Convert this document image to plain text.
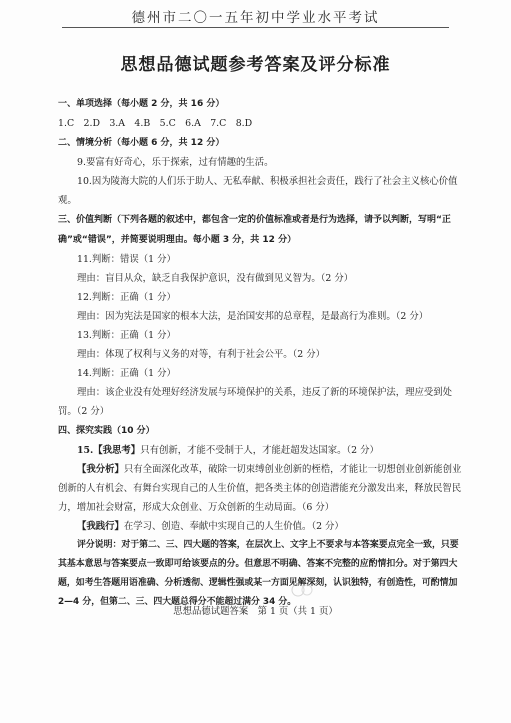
德州市二〇一五年初中学业水平考试
思想品德试题参考答案及评分标准

一、单项选择（每小题 2 分，共 16 分）

1.C　2.D　3.A　4.B　5.C　6.A　7.C　8.D

二、情境分析（每小题 6 分，共 12 分）

9.要富有好奇心，乐于探索，过有情趣的生活。

10.因为陵海大院的人们乐于助人、无私奉献、积极承担社会责任，践行了社会主义核心价值观。

三、价值判断（下列各题的叙述中，都包含一定的价值标准或者是行为选择，请予以判断，写明“正确”或“错误”，并简要说明理由。每小题 3 分，共 12 分）

11.判断：错误（1 分）

理由：盲目从众，缺乏自我保护意识，没有做到见义智为。（2 分）

12.判断：正确（1 分）

理由：因为宪法是国家的根本大法，是治国安邦的总章程，是最高行为准则。（2 分）

13.判断：正确（1 分）

理由：体现了权利与义务的对等，有利于社会公平。（2 分）

14.判断：正确（1 分）

理由：该企业没有处理好经济发展与环境保护的关系，违反了新的环境保护法，理应受到处罚。（2 分）

四、探究实践（10 分）

15.【我思考】只有创新，才能不受制于人，才能赶超发达国家。（2 分）

【我分析】只有全面深化改革，破除一切束缚创业创新的桎梏，才能让一切想创业创新能创业创新的人有机会、有舞台实现自己的人生价值，把各类主体的创造潜能充分激发出来，释放民智民力，增加社会财富，形成大众创业、万众创新的生动局面。（6 分）

【我践行】在学习、创造、奉献中实现自己的人生价值。（2 分）

评分说明：对于第二、三、四大题的答案，在层次上、文字上不要求与本答案要点完全一致，只要其基本意思与答案要点一致即可给该要点的分。但意思不明确、答案不完整的应酌情扣分。对于第四大题，如考生答题用语准确、分析透彻、逻辑性强或某一方面见解深刻，认识独特，有创造性，可酌情加 2—4 分，但第二、三、四大题总得分不能超过满分 34 分。

思想品德试题答案　第 1 页（共 1 页）
